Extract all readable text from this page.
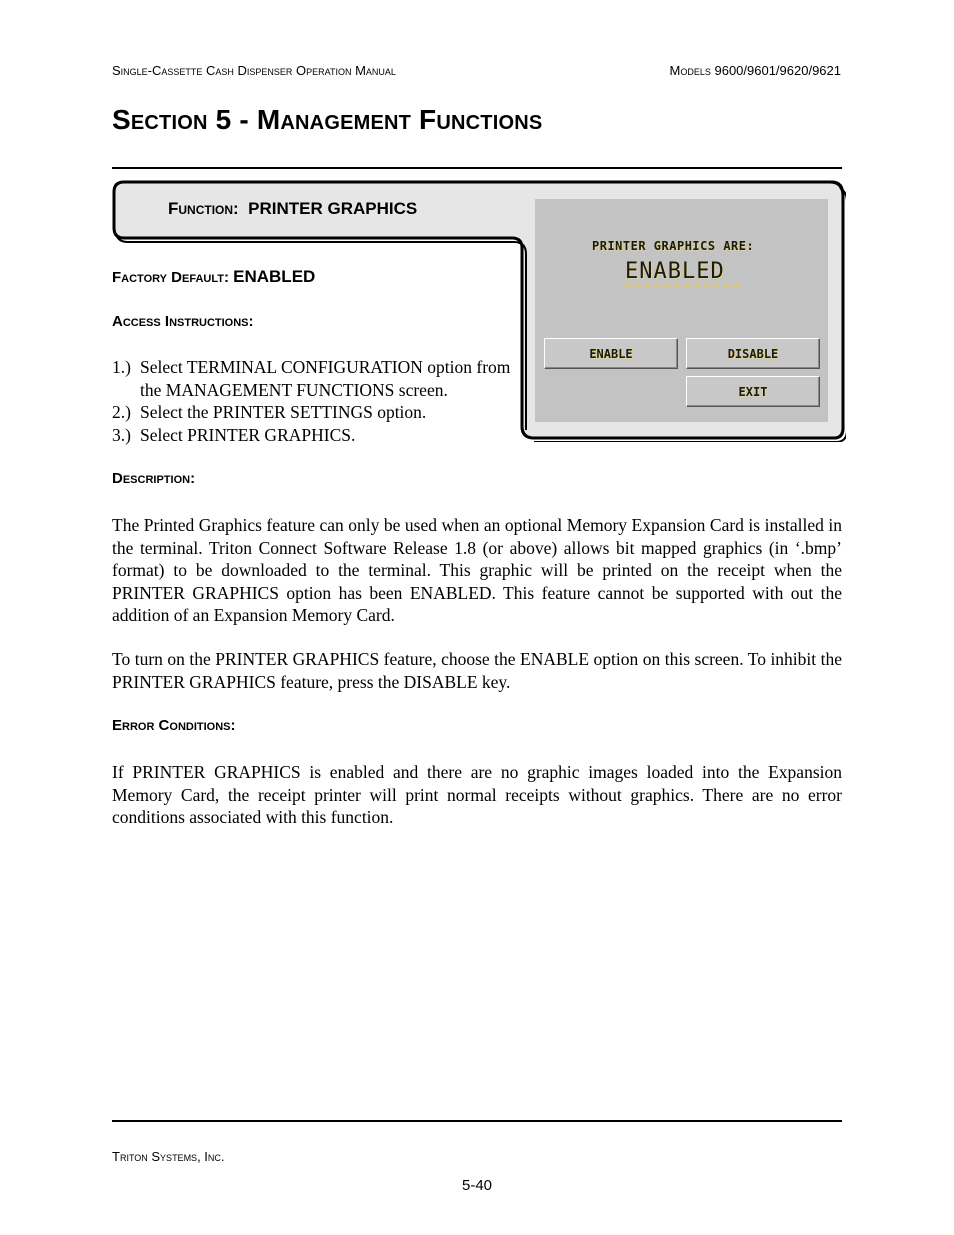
Single-Cassette Cash Dispenser Operation Manual	Models 9600/9601/9620/9621
Section 5 - Management Functions
Function: PRINTER GRAPHICS
PRINTER GRAPHICS ARE:
ENABLED
ENABLE	DISABLE
EXIT
Factory Default: ENABLED
Access Instructions:
1.) Select TERMINAL CONFIGURATION option from the MANAGEMENT FUNCTIONS screen.
2.) Select the PRINTER SETTINGS option.
3.) Select PRINTER GRAPHICS.
Description:

The Printed Graphics feature can only be used when an optional Memory Expansion Card is installed in the terminal. Triton Connect Software Release 1.8 (or above) allows bit mapped graphics (in ‘.bmp’ format) to be downloaded to the terminal. This graphic will be printed on the receipt when the PRINTER GRAPHICS option has been ENABLED. This feature cannot be supported with out the addition of an Expansion Memory Card.

To turn on the PRINTER GRAPHICS feature, choose the ENABLE option on this screen. To inhibit the PRINTER GRAPHICS feature, press the DISABLE key.

Error Conditions:

If PRINTER GRAPHICS is enabled and there are no graphic images loaded into the Expansion Memory Card, the receipt printer will print normal receipts without graphics. There are no error conditions associated with this function.

Triton Systems, Inc.
5-40
